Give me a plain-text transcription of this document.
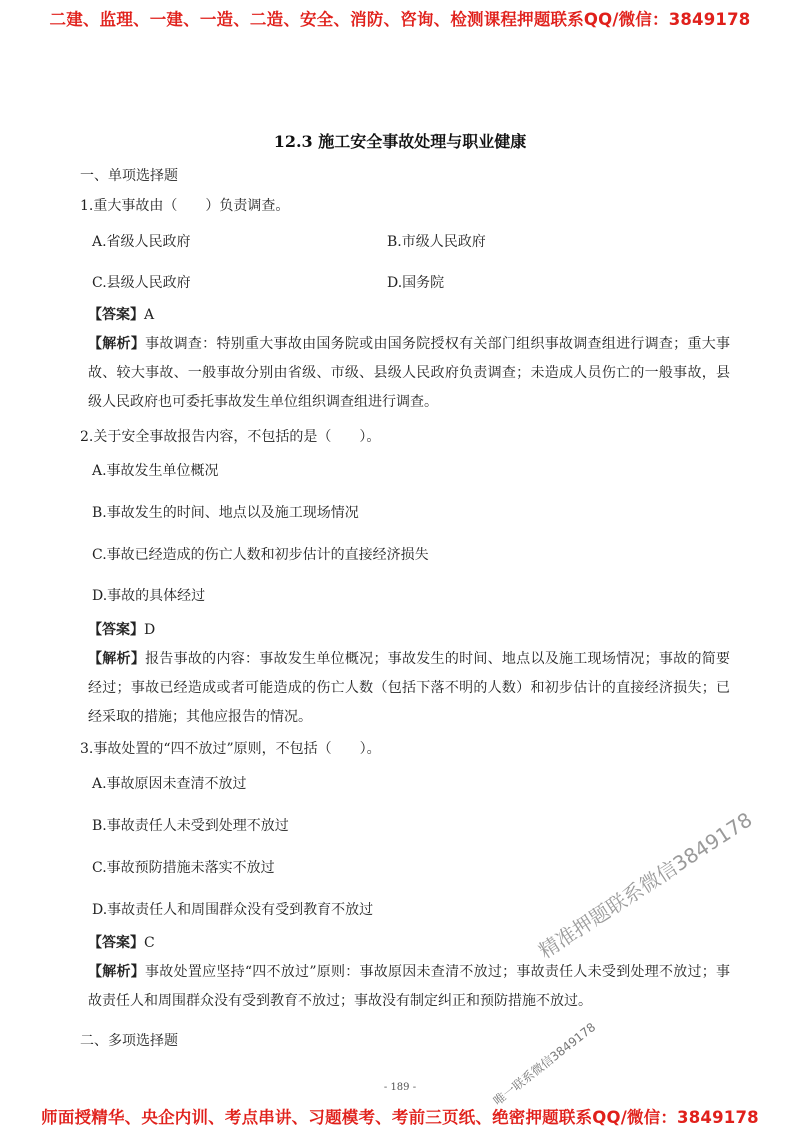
二建、监理、一建、一造、二造、安全、消防、咨询、检测课程押题联系QQ/微信：3849178
12.3 施工安全事故处理与职业健康
一、单项选择题
1.重大事故由（　　）负责调查。
A.省级人民政府	B.市级人民政府
C.县级人民政府	D.国务院
【答案】A
【解析】事故调查：特别重大事故由国务院或由国务院授权有关部门组织事故调查组进行调查；重大事故、较大事故、一般事故分别由省级、市级、县级人民政府负责调查；未造成人员伤亡的一般事故，县级人民政府也可委托事故发生单位组织调查组进行调查。
2.关于安全事故报告内容，不包括的是（　　）。
A.事故发生单位概况
B.事故发生的时间、地点以及施工现场情况
C.事故已经造成的伤亡人数和初步估计的直接经济损失
D.事故的具体经过
【答案】D
【解析】报告事故的内容：事故发生单位概况；事故发生的时间、地点以及施工现场情况；事故的简要经过；事故已经造成或者可能造成的伤亡人数（包括下落不明的人数）和初步估计的直接经济损失；已经采取的措施；其他应报告的情况。
3.事故处置的“四不放过”原则，不包括（　　）。
A.事故原因未查清不放过
B.事故责任人未受到处理不放过
C.事故预防措施未落实不放过
D.事故责任人和周围群众没有受到教育不放过
【答案】C
【解析】事故处置应坚持“四不放过”原则：事故原因未查清不放过；事故责任人未受到处理不放过；事故责任人和周围群众没有受到教育不放过；事故没有制定纠正和预防措施不放过。
二、多项选择题
- 189 -
精准押题联系微信3849178
唯一联系微信3849178
师面授精华、央企内训、考点串讲、习题模考、考前三页纸、绝密押题联系QQ/微信：3849178
